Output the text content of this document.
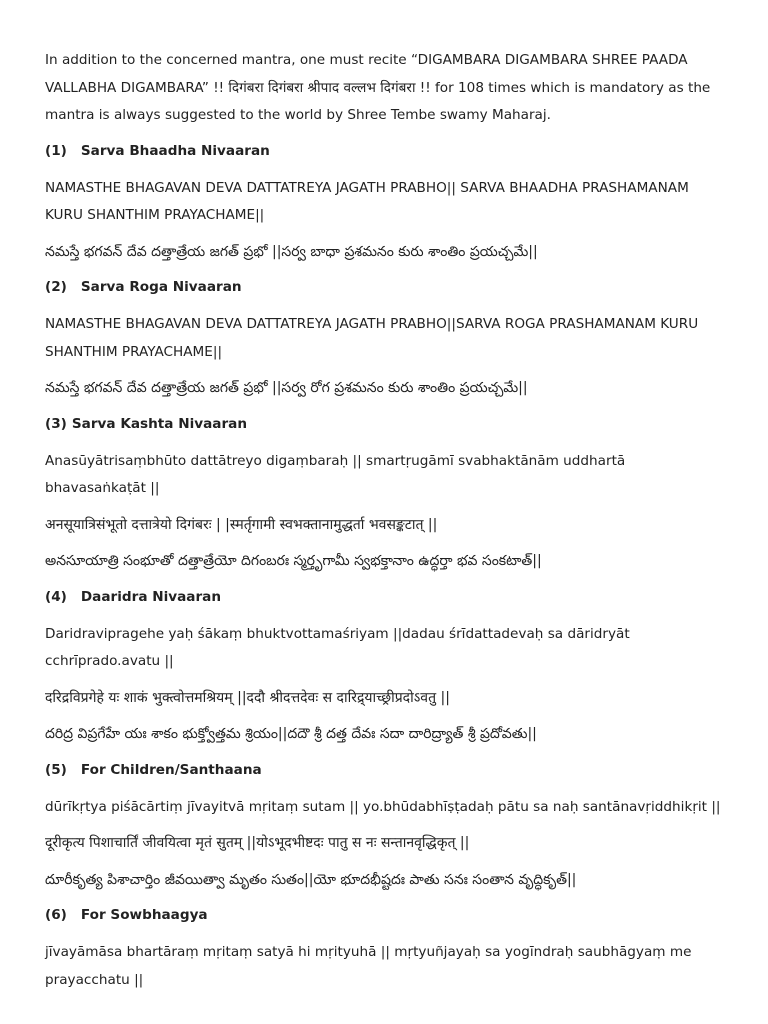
In addition to the concerned mantra, one must recite “DIGAMBARA DIGAMBARA SHREE PAADA VALLABHA DIGAMBARA” !! दिगंबरा दिगंबरा श्रीपाद वल्लभ दिगंबरा !! for 108 times which is mandatory as the mantra is always suggested to the world by Shree Tembe swamy Maharaj.

(1) Sarva Bhaadha Nivaaran

NAMASTHE BHAGAVAN DEVA DATTATREYA JAGATH PRABHO|| SARVA BHAADHA PRASHAMANAM KURU SHANTHIM PRAYACHAME||

నమస్తే భగవన్ దేవ దత్తాత్రేయ జగత్ ప్రభో ||సర్వ బాధా ప్రశమనం కురు శాంతిం ప్రయచ్చమే||

(2) Sarva Roga Nivaaran

NAMASTHE BHAGAVAN DEVA DATTATREYA JAGATH PRABHO||SARVA ROGA PRASHAMANAM KURU SHANTHIM PRAYACHAME||

నమస్తే భగవన్ దేవ దత్తాత్రేయ జగత్ ప్రభో ||సర్వ రోగ ప్రశమనం కురు శాంతిం ప్రయచ్చమే||

(3) Sarva Kashta Nivaaran

Anasūyātrisaṃbhūto dattātreyo digaṃbaraḥ || smartṛugāmī svabhaktānām uddhartā bhavasaṅkaṭāt ||

अनसूयात्रिसंभूतो दत्तात्रेयो दिगंबरः | |स्मर्तृगामी स्वभक्तानामुद्धर्ता भवसङ्कटात् ||

అనసూయాత్రి సంభూతో దత్తాత్రేయో దిగంబరః స్మర్తృగామీ స్వభక్తానాం ఉద్ధర్తా భవ సంకటాత్||

(4) Daaridra Nivaaran

Daridravipragehe yaḥ śākaṃ bhuktvottamaśriyam ||dadau śrīdattadevaḥ sa dāridryāt cchrīprado.avatu ||

दरिद्रविप्रगेहे यः शाकं भुक्त्वोत्तमश्रियम् ||ददौ श्रीदत्तदेवः स दारिद्र्याच्छ्रीप्रदोऽवतु ||

దరిద్ర విప్రగేహే యః శాకం భుక్త్వోత్తమ శ్రియం||దదౌ శ్రీ దత్త దేవః సదా దారిద్ర్యాత్ శ్రీ ప్రదోవతు||

(5) For Children/Santhaana

dūrīkṛtya piśācārtiṃ jīvayitvā mṛitaṃ sutam || yo.bhūdabhīṣṭadaḥ pātu sa naḥ santānavṛiddhikṛit ||

दूरीकृत्य पिशाचार्तिं जीवयित्वा मृतं सुतम् ||योऽभूदभीष्टदः पातु स नः सन्तानवृद्धिकृत् ||

దూరీకృత్య పిశాచార్తిం జీవయిత్వా మృతం సుతం||యో భూదభీష్టదః పాతు సనః సంతాన వృద్ధికృత్||

(6) For Sowbhaagya

jīvayāmāsa bhartāraṃ mṛitaṃ satyā hi mṛityuhā || mṛtyuñjayaḥ sa yogīndraḥ saubhāgyaṃ me prayacchatu ||
